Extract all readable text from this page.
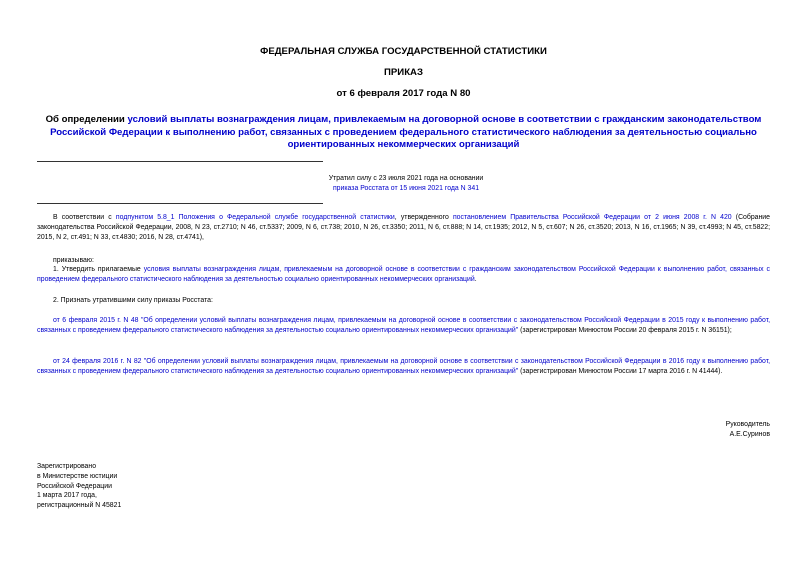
ФЕДЕРАЛЬНАЯ СЛУЖБА ГОСУДАРСТВЕННОЙ СТАТИСТИКИ
ПРИКАЗ
от 6 февраля 2017 года N 80
Об определении условий выплаты вознаграждения лицам, привлекаемым на договорной основе в соответствии с гражданским законодательством Российской Федерации к выполнению работ, связанных с проведением федерального статистического наблюдения за деятельностью социально ориентированных некоммерческих организаций
Утратил силу с 23 июля 2021 года на основании
приказа Росстата от 15 июня 2021 года N 341
В соответствии с подпунктом 5.8_1 Положения о Федеральной службе государственной статистики, утвержденного постановлением Правительства Российской Федерации от 2 июня 2008 г. N 420 (Собрание законодательства Российской Федерации, 2008, N 23, ст.2710; N 46, ст.5337; 2009, N 6, ст.738; 2010, N 26, ст.3350; 2011, N 6, ст.888; N 14, ст.1935; 2012, N 5, ст.607; N 26, ст.3520; 2013, N 16, ст.1965; N 39, ст.4993; N 45, ст.5822; 2015, N 2, ст.491; N 33, ст.4830; 2016, N 28, ст.4741),
приказываю:
1. Утвердить прилагаемые условия выплаты вознаграждения лицам, привлекаемым на договорной основе в соответствии с гражданским законодательством Российской Федерации к выполнению работ, связанных с проведением федерального статистического наблюдения за деятельностью социально ориентированных некоммерческих организаций.
2. Признать утратившими силу приказы Росстата:
от 6 февраля 2015 г. N 48 "Об определении условий выплаты вознаграждения лицам, привлекаемым на договорной основе в соответствии с законодательством Российской Федерации в 2015 году к выполнению работ, связанных с проведением федерального статистического наблюдения за деятельностью социально ориентированных некоммерческих организаций" (зарегистрирован Минюстом России 20 февраля 2015 г. N 36151);
от 24 февраля 2016 г. N 82 "Об определении условий выплаты вознаграждения лицам, привлекаемым на договорной основе в соответствии с законодательством Российской Федерации в 2016 году к выполнению работ, связанных с проведением федерального статистического наблюдения за деятельностью социально ориентированных некоммерческих организаций" (зарегистрирован Минюстом России 17 марта 2016 г. N 41444).
Руководитель
А.Е.Суринов
Зарегистрировано
в Министерстве юстиции
Российской Федерации
1 марта 2017 года,
регистрационный N 45821
